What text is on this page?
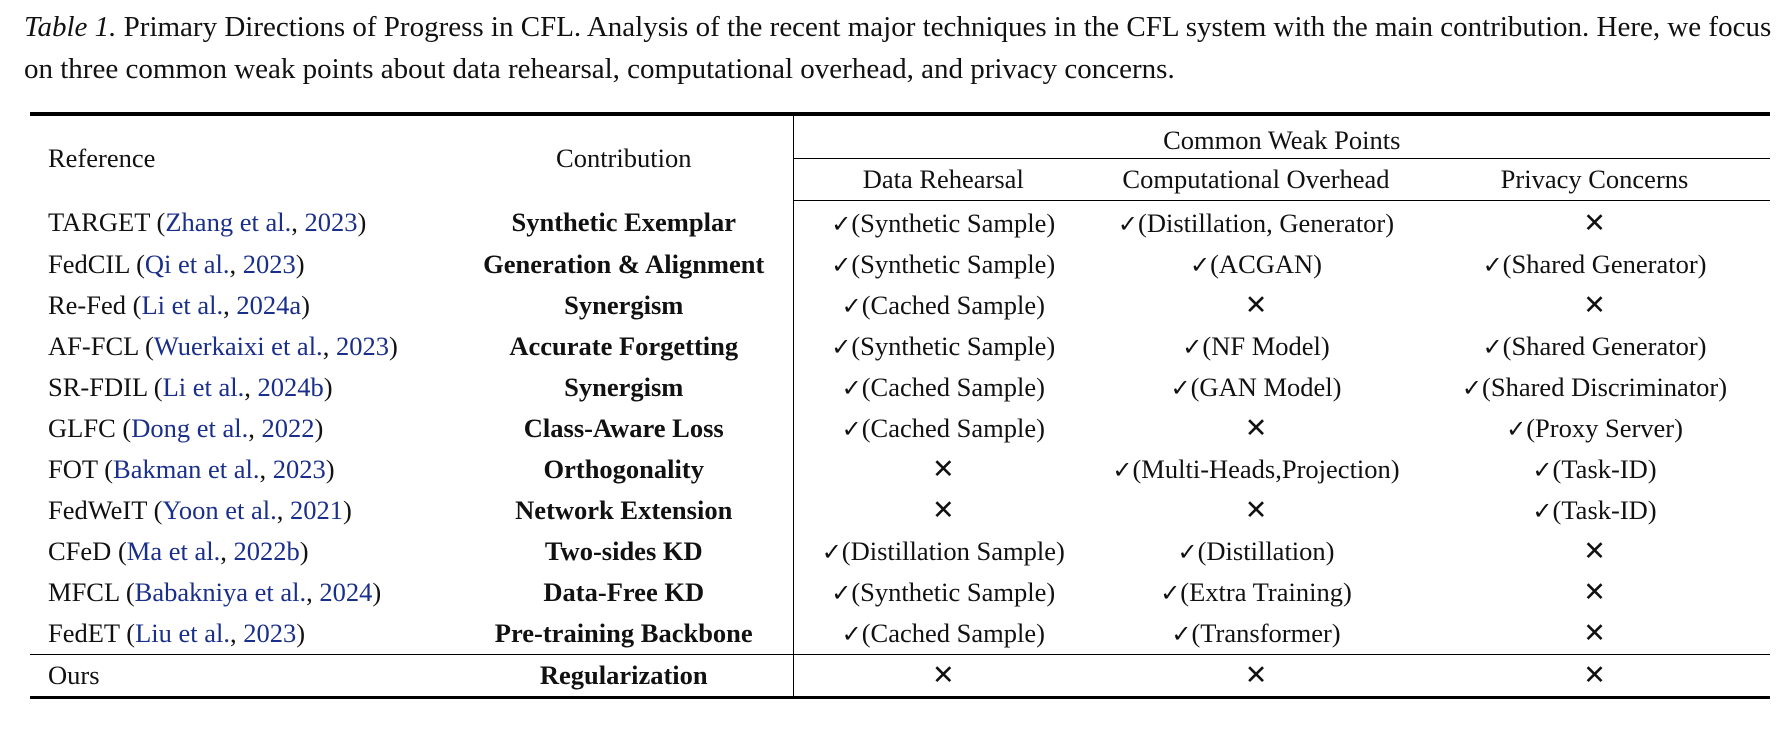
Table 1. Primary Directions of Progress in CFL. Analysis of the recent major techniques in the CFL system with the main contribution. Here, we focus on three common weak points about data rehearsal, computational overhead, and privacy concerns.

Reference	Contribution	Common Weak Points		
		Data Rehearsal	Computational Overhead	Privacy Concerns
TARGET (Zhang et al., 2023)	Synthetic Exemplar	✓(Synthetic Sample)	✓(Distillation, Generator)	✕
FedCIL (Qi et al., 2023)	Generation & Alignment	✓(Synthetic Sample)	✓(ACGAN)	✓(Shared Generator)
Re-Fed (Li et al., 2024a)	Synergism	✓(Cached Sample)	✕	✕
AF-FCL (Wuerkaixi et al., 2023)	Accurate Forgetting	✓(Synthetic Sample)	✓(NF Model)	✓(Shared Generator)
SR-FDIL (Li et al., 2024b)	Synergism	✓(Cached Sample)	✓(GAN Model)	✓(Shared Discriminator)
GLFC (Dong et al., 2022)	Class-Aware Loss	✓(Cached Sample)	✕	✓(Proxy Server)
FOT (Bakman et al., 2023)	Orthogonality	✕	✓(Multi-Heads,Projection)	✓(Task-ID)
FedWeIT (Yoon et al., 2021)	Network Extension	✕	✕	✓(Task-ID)
CFeD (Ma et al., 2022b)	Two-sides KD	✓(Distillation Sample)	✓(Distillation)	✕
MFCL (Babakniya et al., 2024)	Data-Free KD	✓(Synthetic Sample)	✓(Extra Training)	✕
FedET (Liu et al., 2023)	Pre-training Backbone	✓(Cached Sample)	✓(Transformer)	✕
Ours	Regularization	✕	✕	✕
